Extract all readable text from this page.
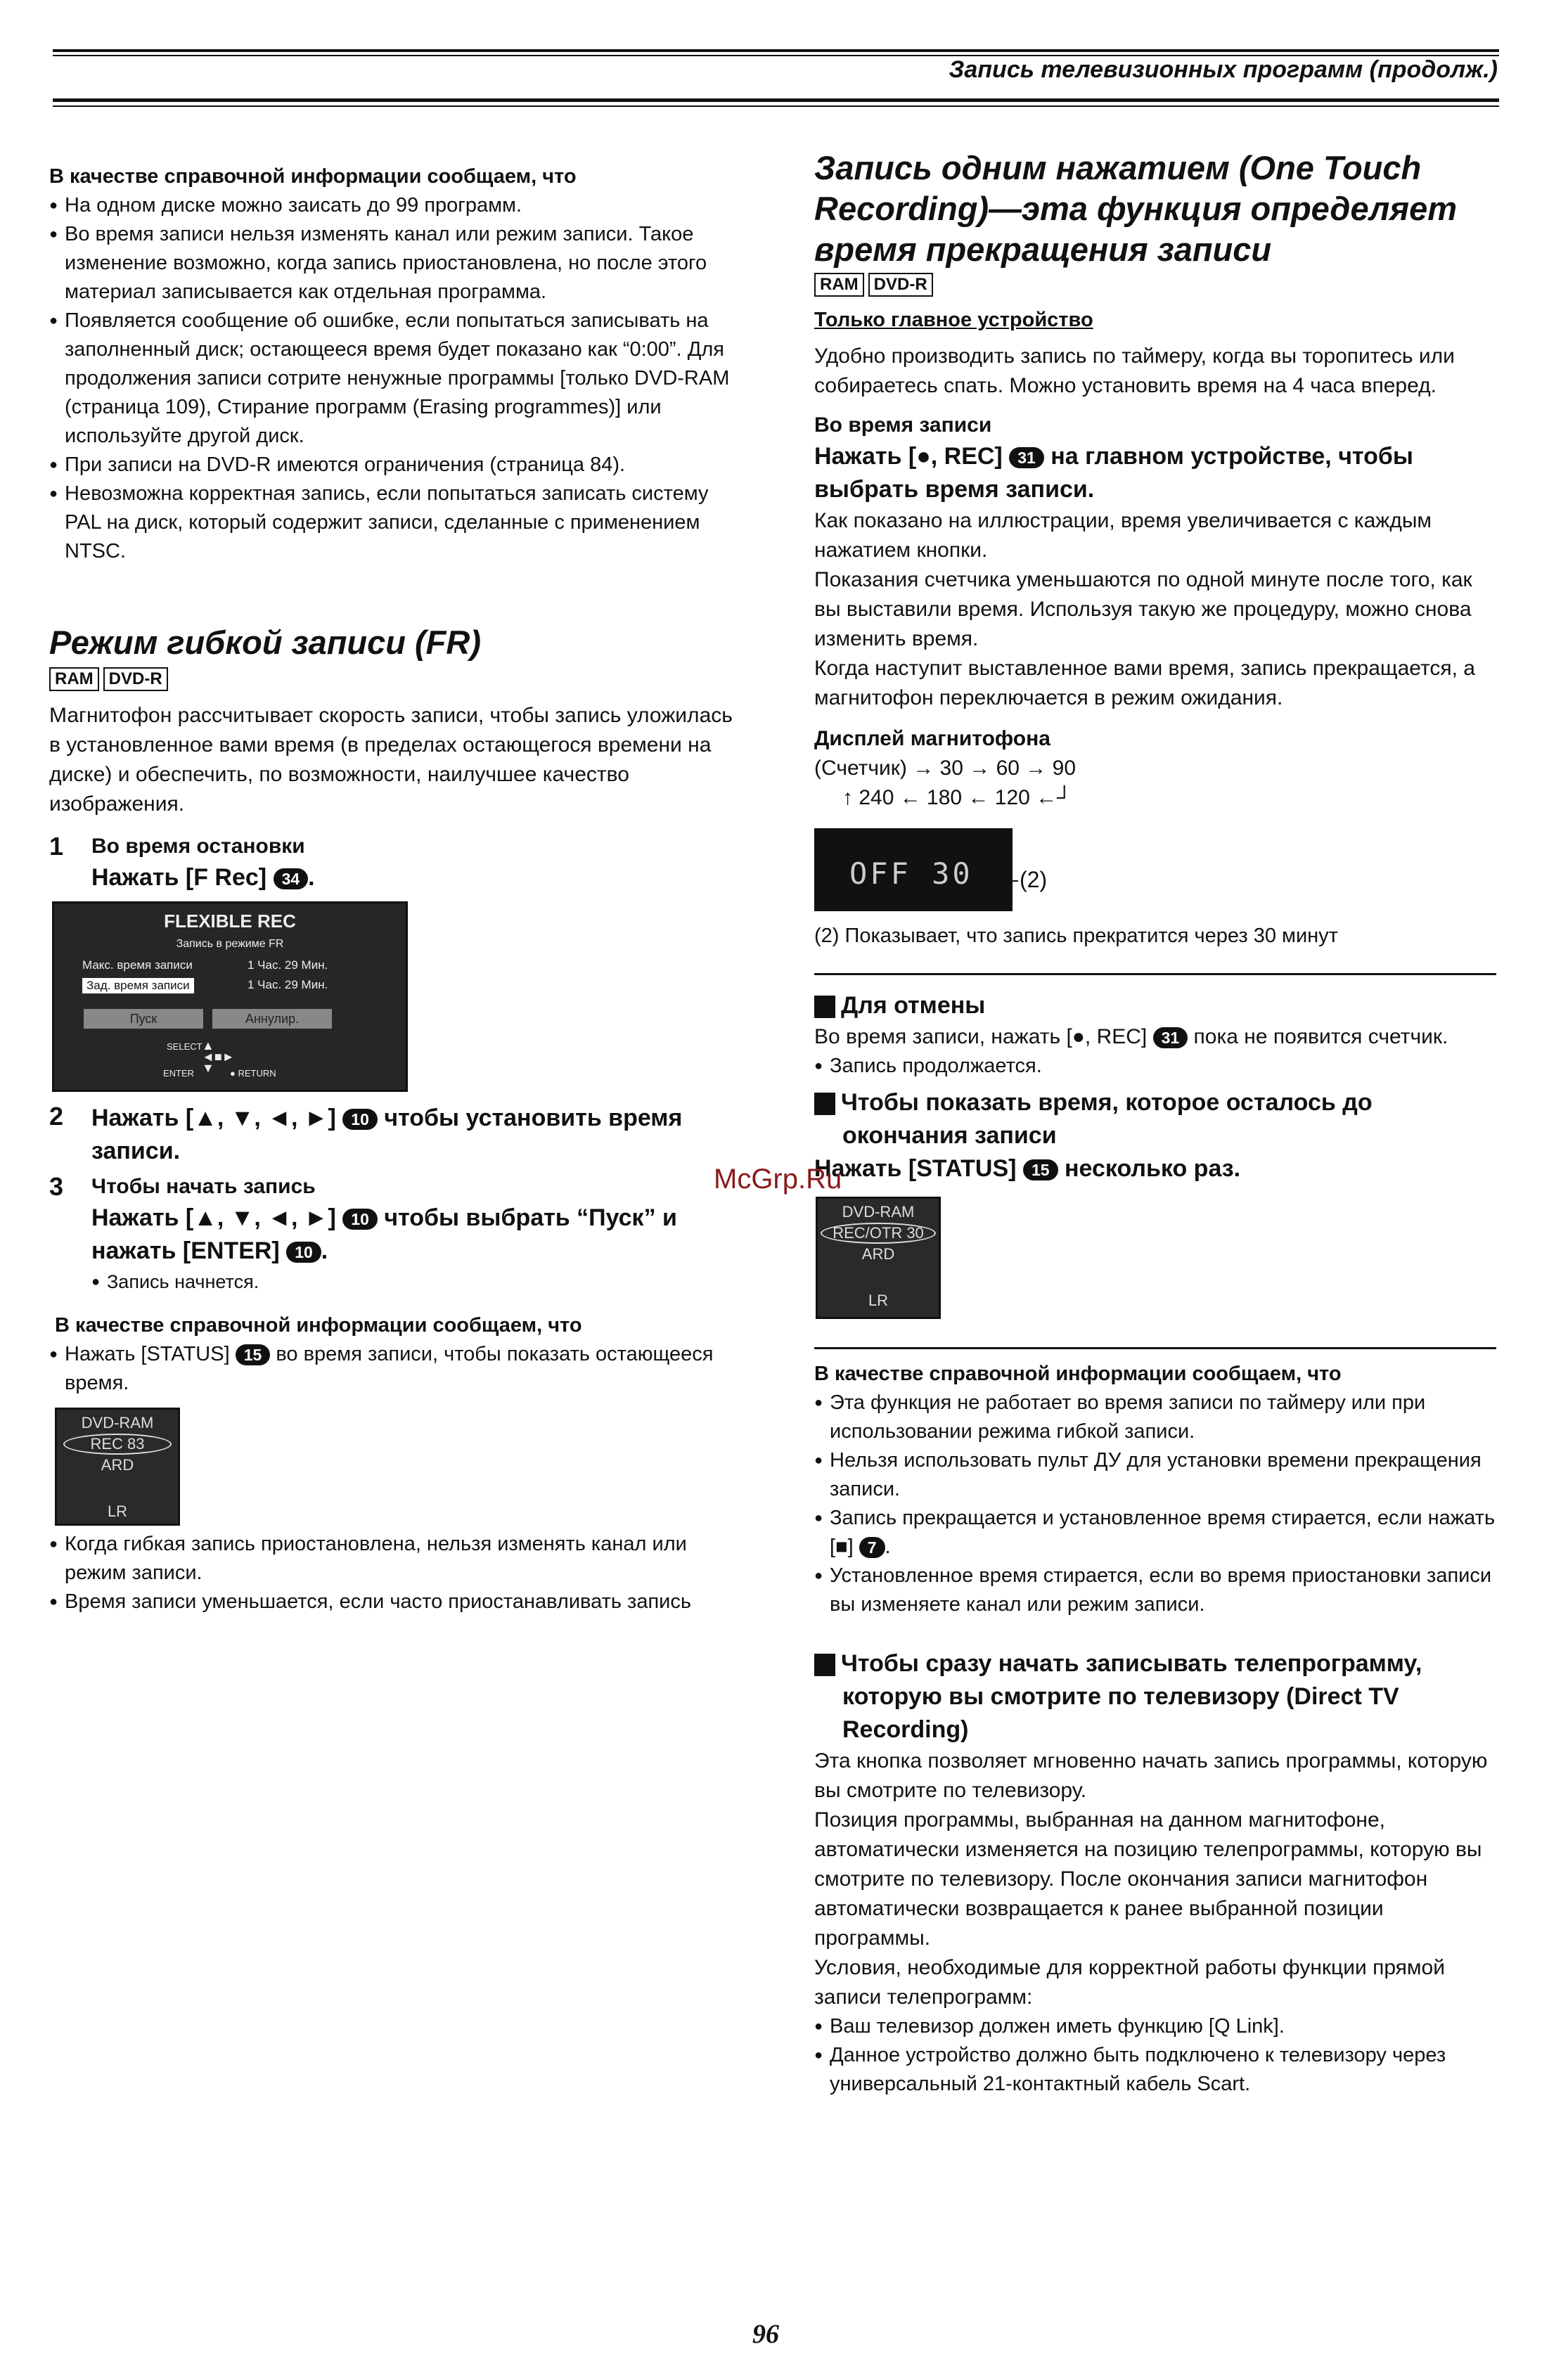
Запись телевизионных программ (продолж.)

В качестве справочной информации сообщаем, что

● На одном диске можно заисать до 99 программ.
● Во время записи нельзя изменять канал или режим записи. Такое изменение возможно, когда запись приостановлена, но после этого материал записывается как отдельная программа.
● Появляется сообщение об ошибке, если попытаться записывать на заполненный диск; остающееся время будет показано как “0:00”. Для продолжения записи сотрите ненужные программы [только DVD-RAM (страница 109), Стирание программ (Erasing programmes)] или используйте другой диск.
● При записи на DVD-R имеются ограничения (страница 84).
● Невозможна корректная запись, если попытаться записать систему PAL на диск, который содержит записи, сделанные с применением NTSC.
Режим гибкой записи (FR)
RAM DVD-R

Магнитофон рассчитывает скорость записи, чтобы запись уложилась в установленное вами время (в пределах остающегося времени на диске) и обеспечить, по возможности, наилучшее качество изображения.

1 Во время остановки

Нажать [F Rec] 34 .

FLEXIBLE REC
Запись в режиме FR
Макс. время записи	1 Час. 29 Мин.
Зад. время записи	1 Час. 29 Мин.
Пуск	Аннулир.
SELECT ▲
◄■►
▼
ENTER	● RETURN
2 Нажать [▲, ▼, ◄, ►] 10 чтобы установить время записи.

3 Чтобы начать запись

Нажать [▲, ▼, ◄, ►] 10 чтобы выбрать “Пуск” и нажать [ENTER] 10 .

● Запись начнется.

В качестве справочной информации сообщаем, что

● Нажать [STATUS] 15 во время записи, чтобы показать остающееся время.
DVD-RAM
REC 83
ARD
LR
● Когда гибкая запись приостановлена, нельзя изменять канал или режим записи.
● Время записи уменьшается, если часто приостанавливать запись
Запись одним нажатием (One Touch Recording)—эта функция определяет время прекращения записи
RAM DVD-R

Только главное устройство

Удобно производить запись по таймеру, когда вы торопитесь или собираетесь спать. Можно установить время на 4 часа вперед.

Во время записи

Нажать [●, REC] 31 на главном устройстве, чтобы выбрать время записи.

Как показано на иллюстрации, время увеличивается с каждым нажатием кнопки.

Показания счетчика уменьшаются по одной минуте после того, как вы выставили время. Используя такую же процедуру, можно снова изменить время.

Когда наступит выставленное вами время, запись прекращается, а магнитофон переключается в режим ожидания.

Дисплей магнитофона

(Счетчик) → 30 → 60 → 90

↑ 240 ← 180 ← 120 ←┘

OFF 30 (2)

(2) Показывает, что запись прекратится через 30 минут

Для отмены

Во время записи, нажать [●, REC] 31 пока не появится счетчик.

● Запись продолжается.

Чтобы показать время, которое осталось до окончания записи

Нажать [STATUS] 15 несколько раз.

DVD-RAM
REC/OTR 30
ARD
LR

В качестве справочной информации сообщаем, что

● Эта функция не работает во время записи по таймеру или при использовании режима гибкой записи.
● Нельзя использовать пульт ДУ для установки времени прекращения записи.
● Запись прекращается и установленное время стирается, если нажать [■] 7 .
● Установленное время стирается, если во время приостановки записи вы изменяете канал или режим записи.

Чтобы сразу начать записывать телепрограмму, которую вы смотрите по телевизору (Direct TV Recording)

Эта кнопка позволяет мгновенно начать запись программы, которую вы смотрите по телевизору.

Позиция программы, выбранная на данном магнитофоне, автоматически изменяется на позицию телепрограммы, которую вы смотрите по телевизору. После окончания записи магнитофон автоматически возвращается к ранее выбранной позиции программы.

Условия, необходимые для корректной работы функции прямой записи телепрограмм:

● Ваш телевизор должен иметь функцию [Q Link].
● Данное устройство должно быть подключено к телевизору через универсальный 21-контактный кабель Scart.
McGrp.Ru
96
